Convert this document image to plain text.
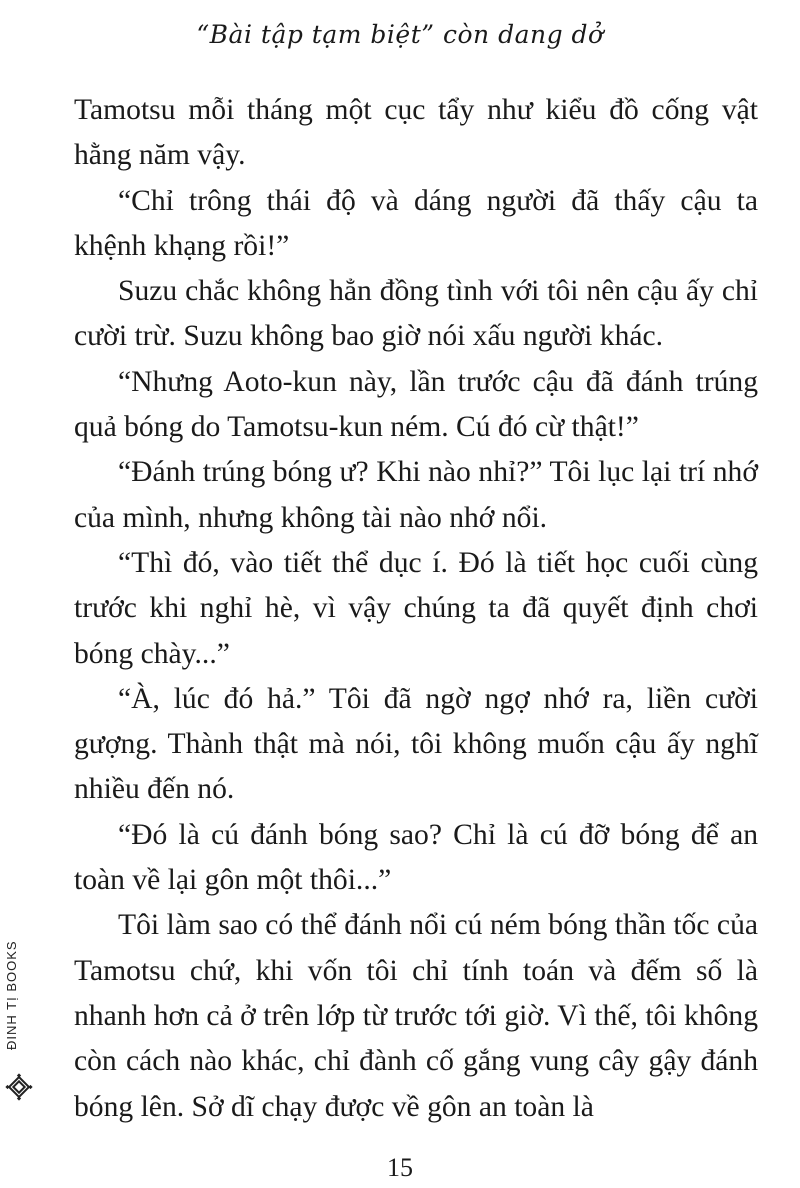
“Bài tập tạm biệt” còn dang dở

Tamotsu mỗi tháng một cục tẩy như kiểu đồ cống vật hằng năm vậy.

“Chỉ trông thái độ và dáng người đã thấy cậu ta khệnh khạng rồi!”

Suzu chắc không hẳn đồng tình với tôi nên cậu ấy chỉ cười trừ. Suzu không bao giờ nói xấu người khác.

“Nhưng Aoto-kun này, lần trước cậu đã đánh trúng quả bóng do Tamotsu-kun ném. Cú đó cừ thật!”

“Đánh trúng bóng ư? Khi nào nhỉ?” Tôi lục lại trí nhớ của mình, nhưng không tài nào nhớ nổi.

“Thì đó, vào tiết thể dục í. Đó là tiết học cuối cùng trước khi nghỉ hè, vì vậy chúng ta đã quyết định chơi bóng chày...”

“À, lúc đó hả.” Tôi đã ngờ ngợ nhớ ra, liền cười gượng. Thành thật mà nói, tôi không muốn cậu ấy nghĩ nhiều đến nó.

“Đó là cú đánh bóng sao? Chỉ là cú đỡ bóng để an toàn về lại gôn một thôi...”

Tôi làm sao có thể đánh nổi cú ném bóng thần tốc của Tamotsu chứ, khi vốn tôi chỉ tính toán và đếm số là nhanh hơn cả ở trên lớp từ trước tới giờ. Vì thế, tôi không còn cách nào khác, chỉ đành cố gắng vung cây gậy đánh bóng lên. Sở dĩ chạy được về gôn an toàn là

ĐINH TỊ BOOKS
15
